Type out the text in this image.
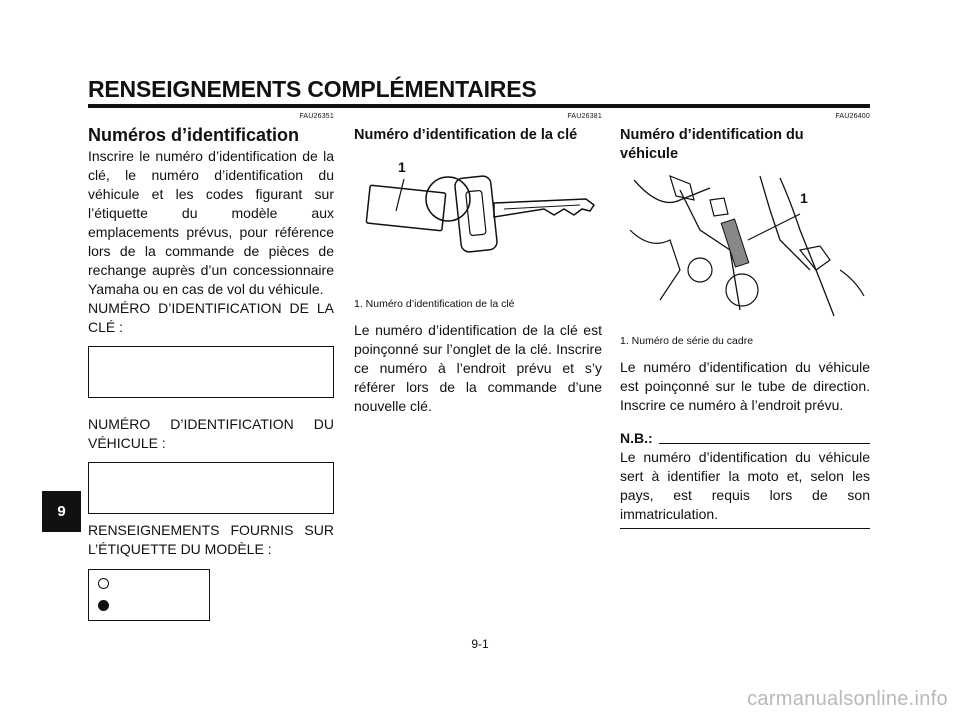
RENSEIGNEMENTS COMPLÉMENTAIRES
FAU26351
Numéros d’identification

Inscrire le numéro d’identification de la clé, le numéro d’identification du véhicule et les codes figurant sur l’étiquette du modèle aux emplacements prévus, pour référence lors de la commande de pièces de rechange auprès d’un concessionnaire Yamaha ou en cas de vol du véhicule.

NUMÉRO D’IDENTIFICATION DE LA CLÉ :

NUMÉRO D’IDENTIFICATION DU VÉHICULE :

RENSEIGNEMENTS FOURNIS SUR L’ÉTIQUETTE DU MODÈLE :

FAU26381
Numéro d’identification de la clé
1

1. Numéro d’identification de la clé

Le numéro d’identification de la clé est poinçonné sur l’onglet de la clé. Inscrire ce numéro à l’endroit prévu et s’y référer lors de la commande d’une nouvelle clé.

FAU26400
Numéro d’identification du véhicule
1

1. Numéro de série du cadre

Le numéro d’identification du véhicule est poinçonné sur le tube de direction. Inscrire ce numéro à l’endroit prévu.

N.B.:

Le numéro d’identification du véhicule sert à identifier la moto et, selon les pays, est requis lors de son immatriculation.

9
9-1
carmanualsonline.info
